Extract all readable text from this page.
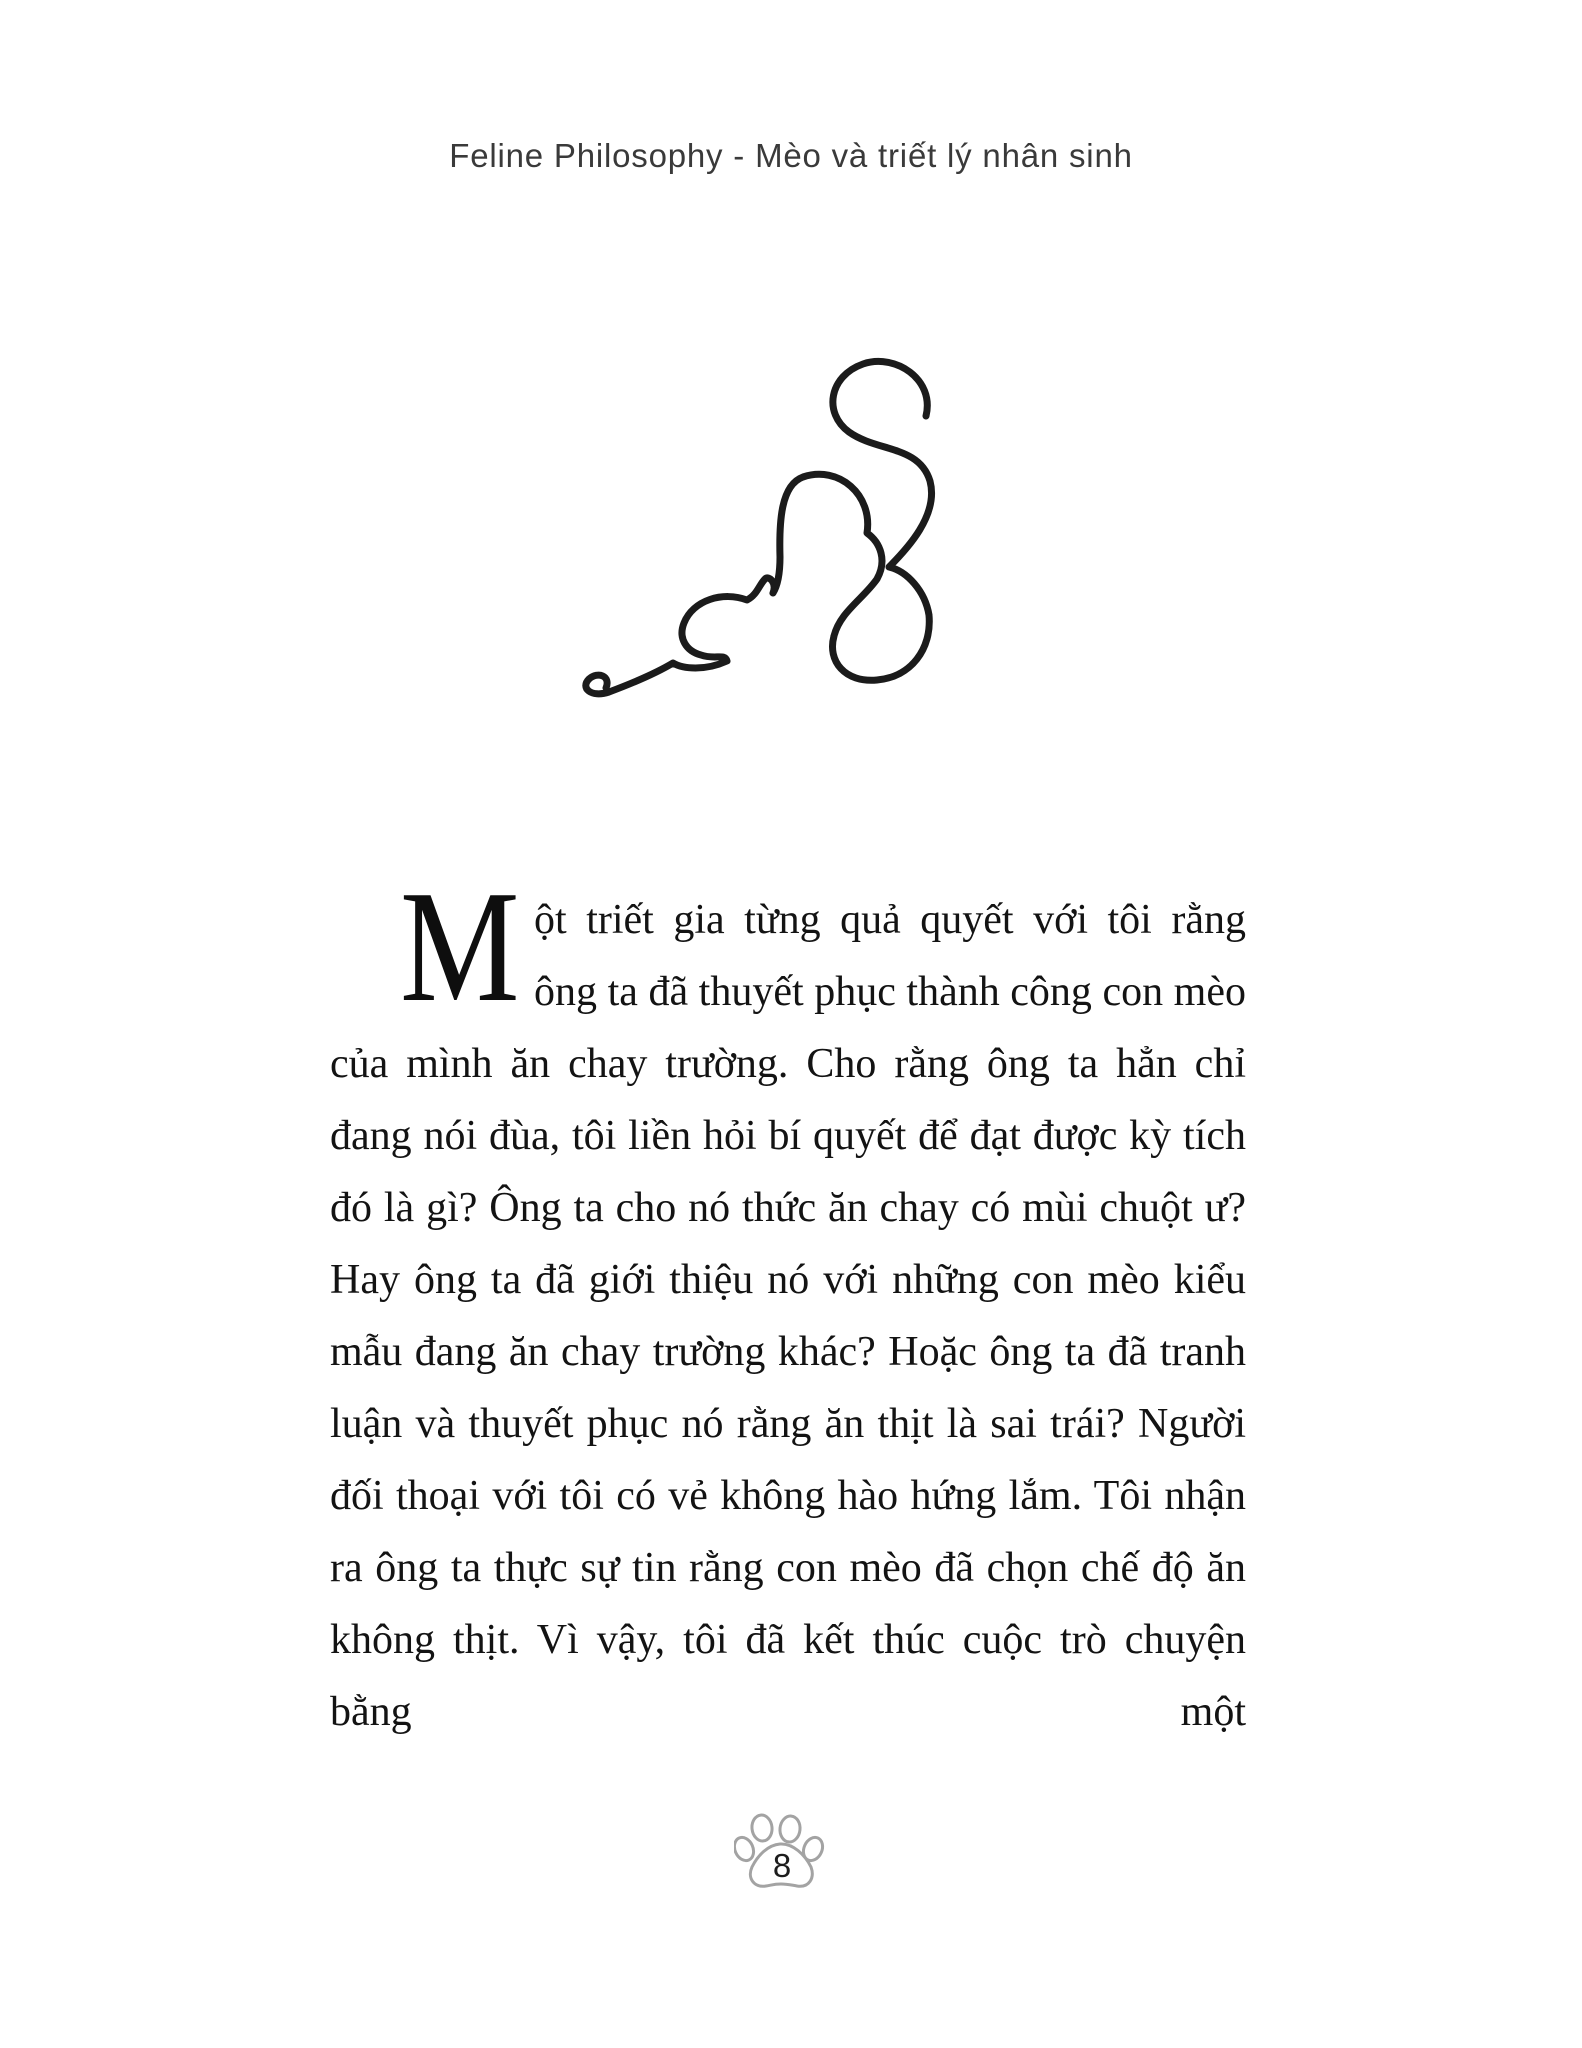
Feline Philosophy - Mèo và triết lý nhân sinh

Một triết gia từng quả quyết với tôi rằng ông ta đã thuyết phục thành công con mèo của mình ăn chay trường. Cho rằng ông ta hẳn chỉ đang nói đùa, tôi liền hỏi bí quyết để đạt được kỳ tích đó là gì? Ông ta cho nó thức ăn chay có mùi chuột ư? Hay ông ta đã giới thiệu nó với những con mèo kiểu mẫu đang ăn chay trường khác? Hoặc ông ta đã tranh luận và thuyết phục nó rằng ăn thịt là sai trái? Người đối thoại với tôi có vẻ không hào hứng lắm. Tôi nhận ra ông ta thực sự tin rằng con mèo đã chọn chế độ ăn không thịt. Vì vậy, tôi đã kết thúc cuộc trò chuyện bằng một

8
